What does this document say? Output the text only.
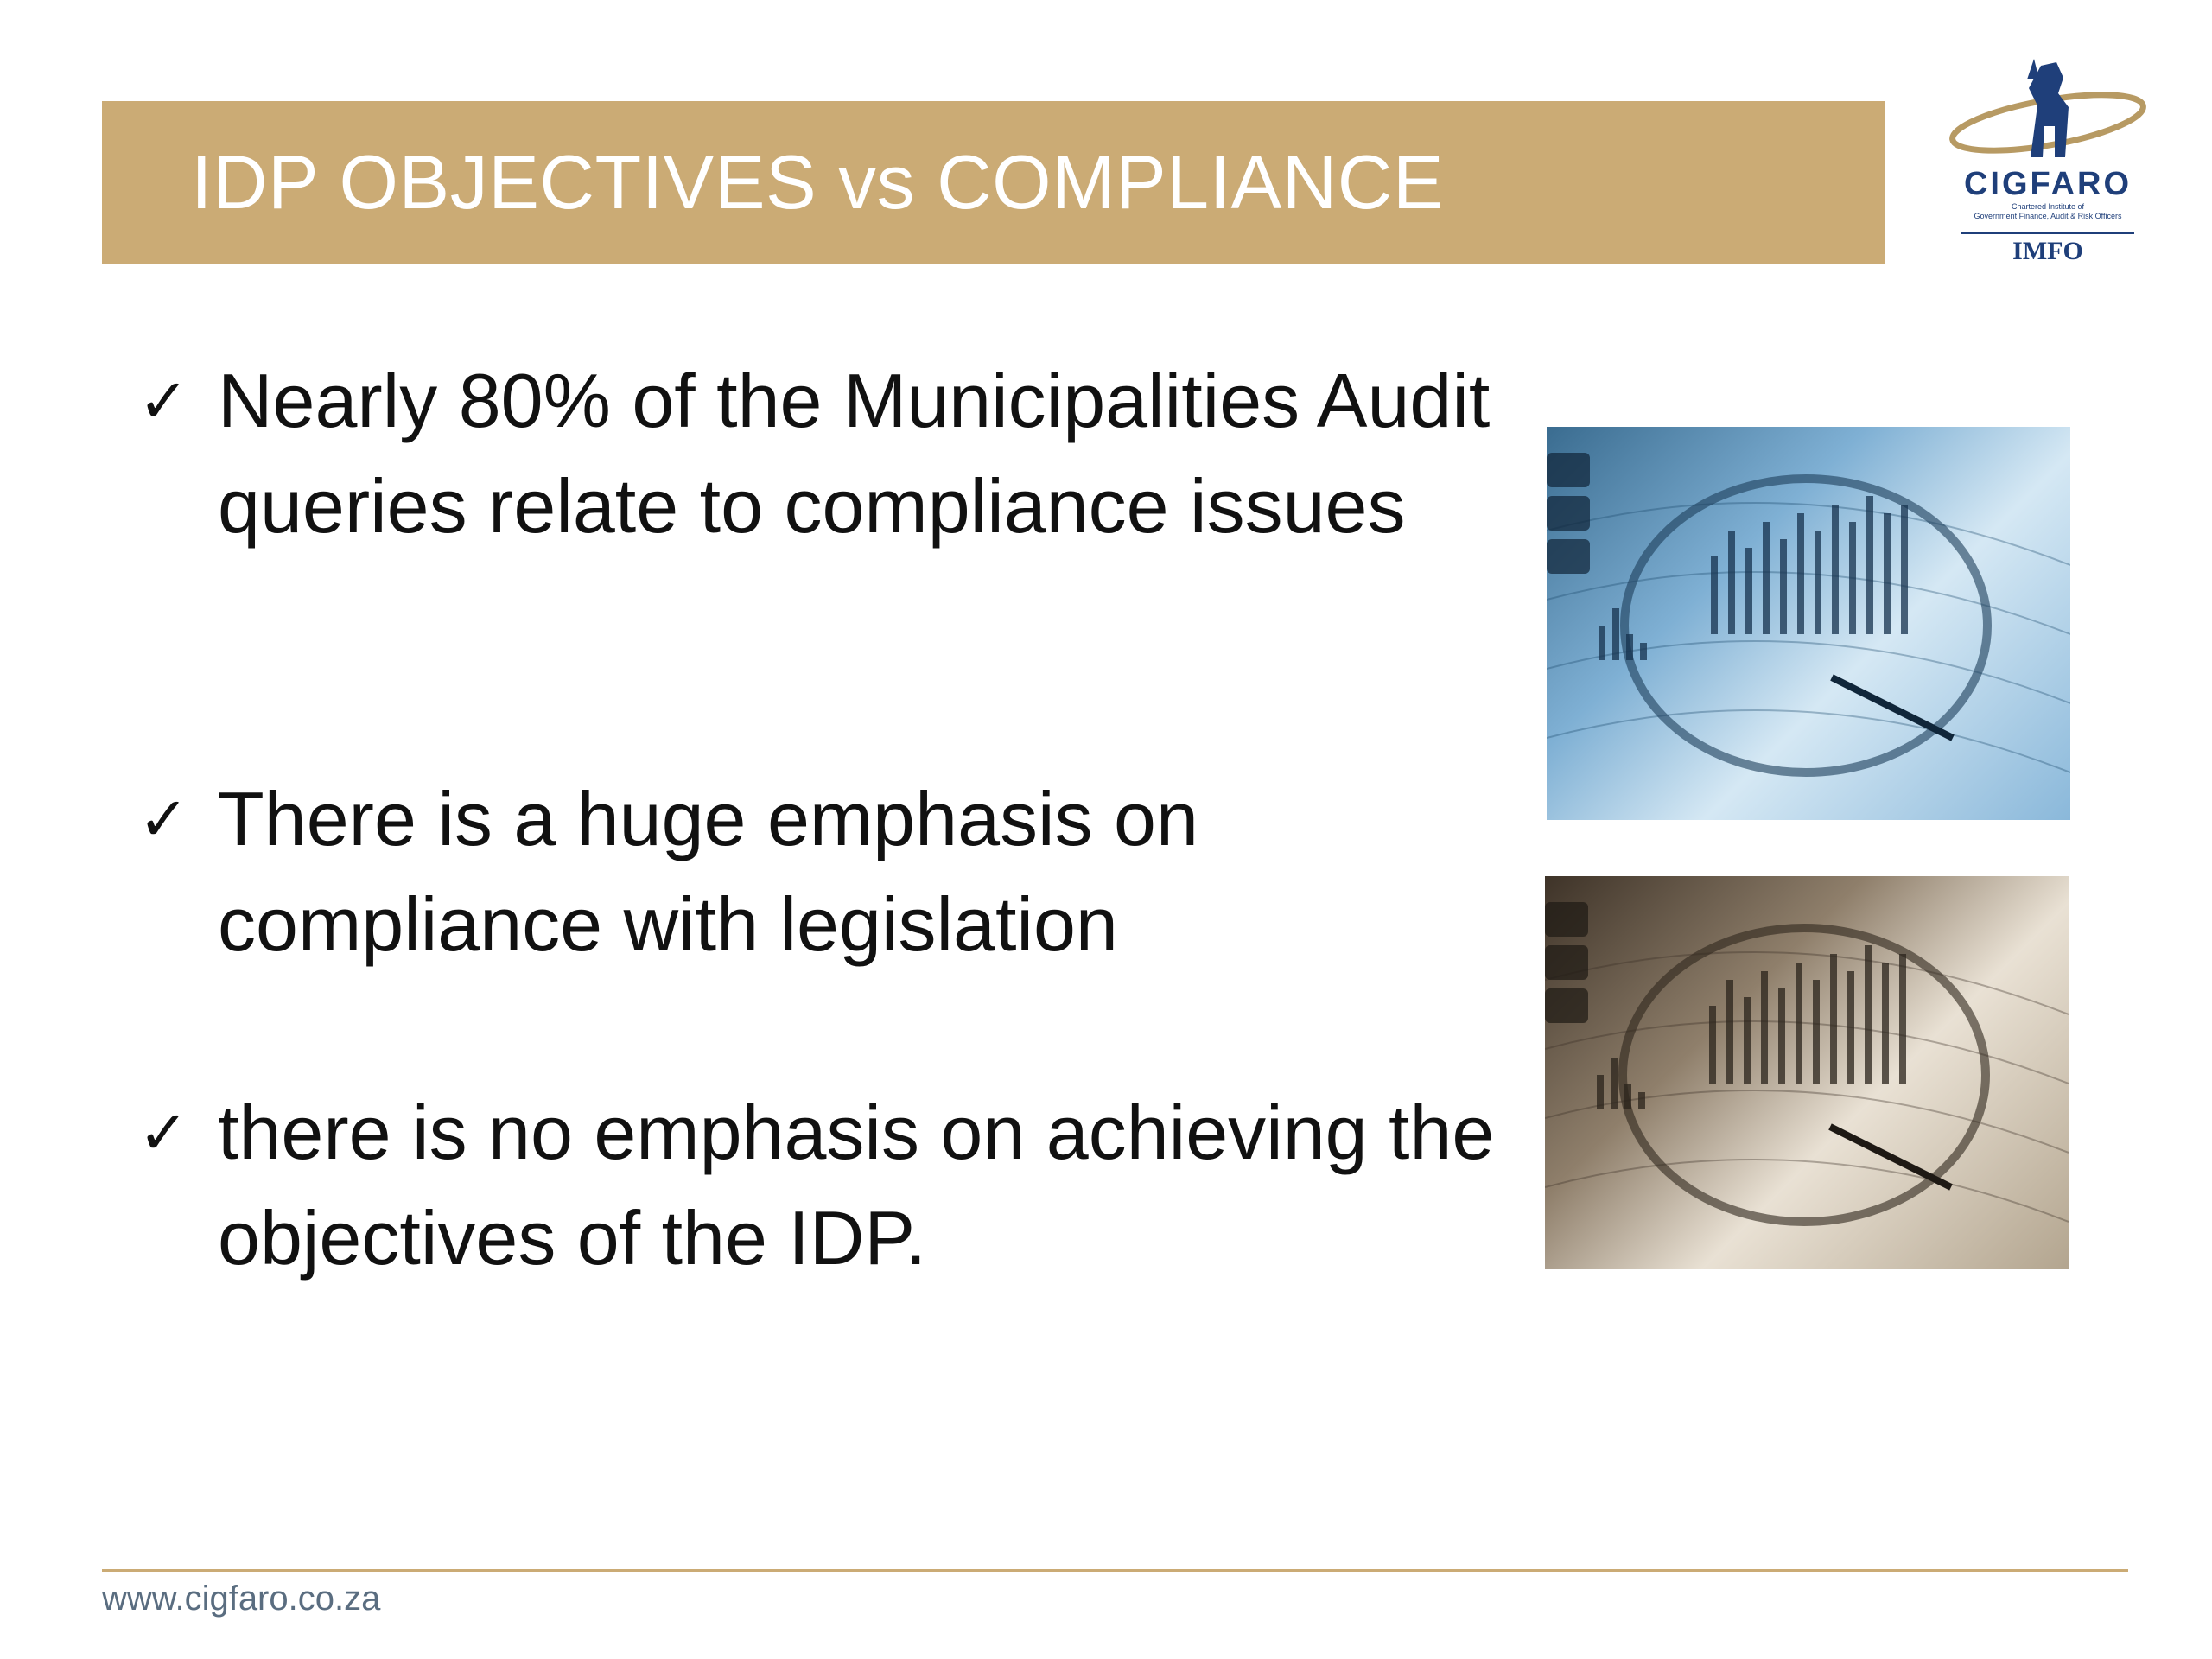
IDP OBJECTIVES vs COMPLIANCE	CIGFARO
Chartered Institute of
Government Finance, Audit & Risk Officers
IMFO
✓ Nearly 80% of the Municipalities Audit queries relate to compliance issues
✓ There is a huge emphasis on compliance with legislation
✓ there is no emphasis on achieving the objectives of the IDP.
www.cigfaro.co.za
